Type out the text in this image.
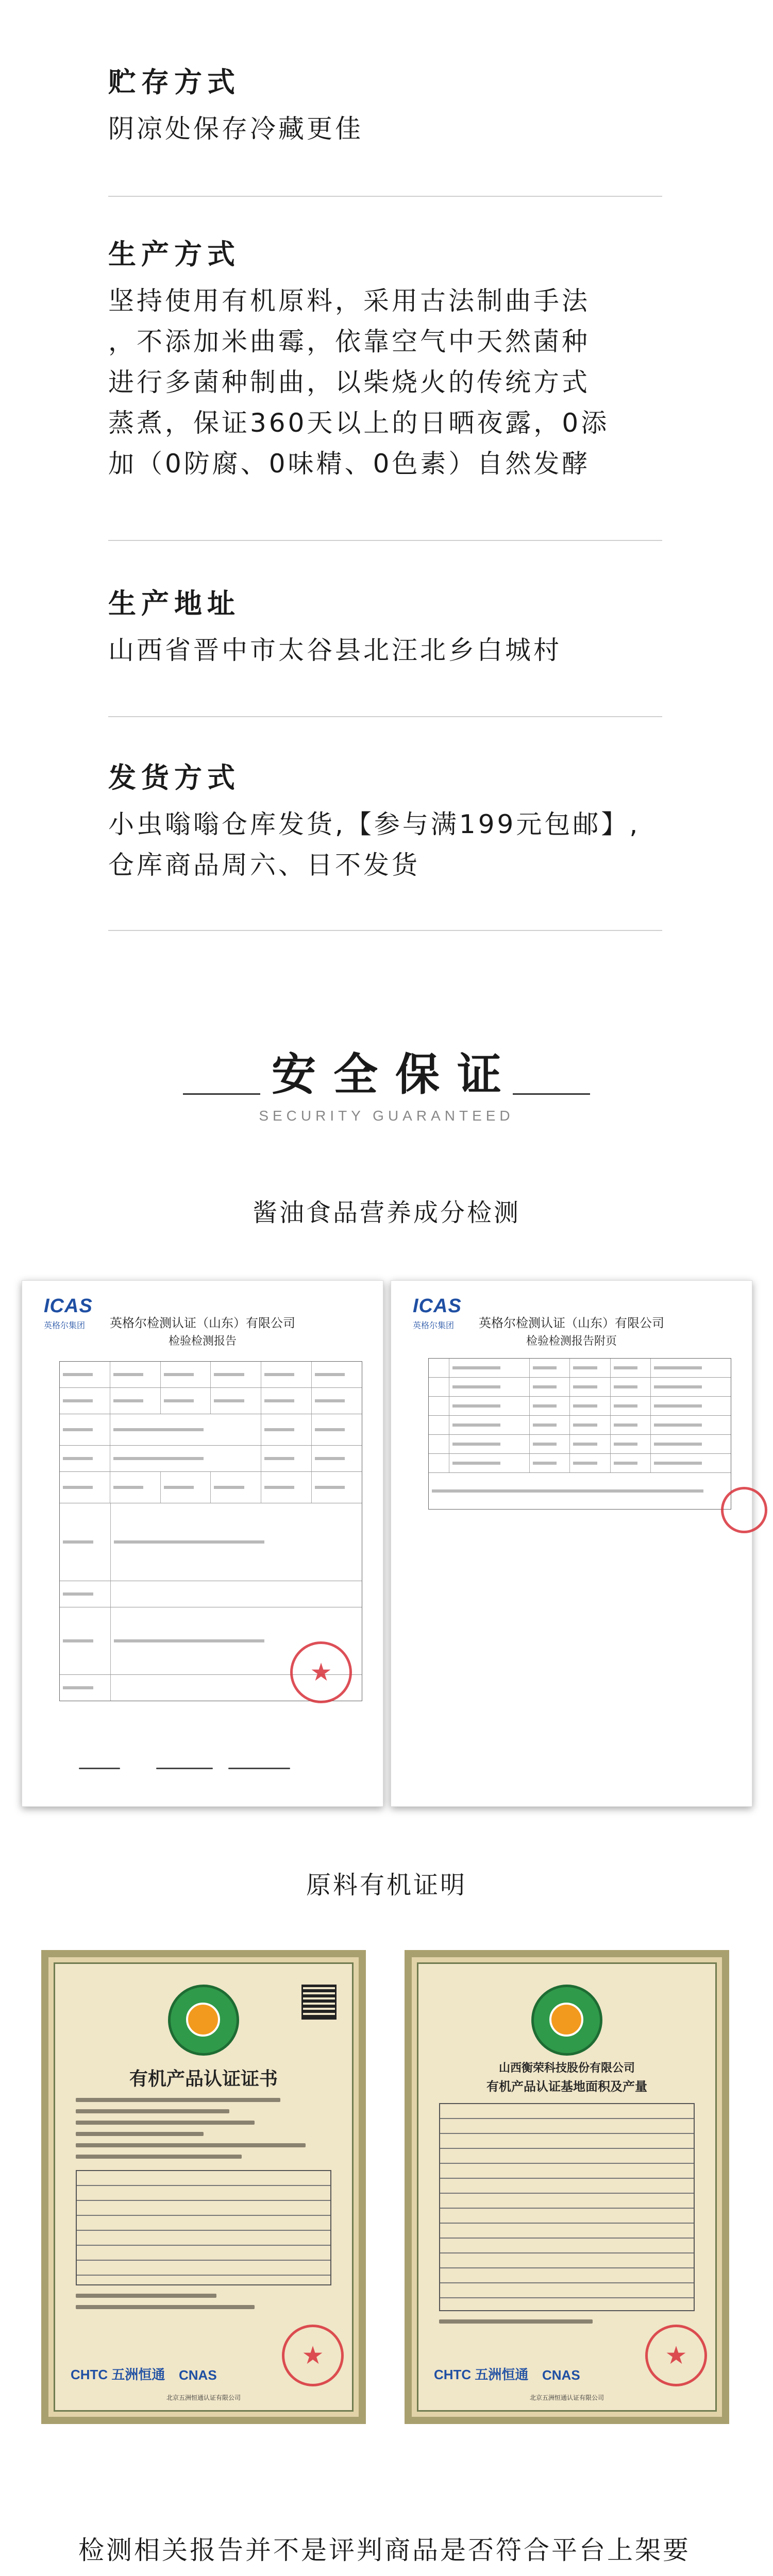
贮存方式

阴凉处保存冷藏更佳

生产方式

坚持使用有机原料，采用古法制曲手法
，不添加米曲霉，依靠空气中天然菌种
进行多菌种制曲，以柴烧火的传统方式
蒸煮，保证360天以上的日晒夜露，0添
加（0防腐、0味精、0色素）自然发酵

生产地址

山西省晋中市太谷县北汪北乡白城村

发货方式

小虫嗡嗡仓库发货,【参与满199元包邮】,
仓库商品周六、日不发货

安全保证

SECURITY GUARANTEED
酱油食品营养成分检测
ICAS
英格尔集团	英格尔检测认证（山东）有限公司
检验检测报告
★
ICAS
英格尔集团	英格尔检测认证（山东）有限公司
检验检测报告附页
原料有机证明
有机产品认证证书
CHTC 五洲恒通 CNAS
★
北京五洲恒通认证有限公司
山西衡荣科技股份有限公司
有机产品认证基地面积及产量
CHTC 五洲恒通 CNAS
★
北京五洲恒通认证有限公司

检测相关报告并不是评判商品是否符合平台上架要
